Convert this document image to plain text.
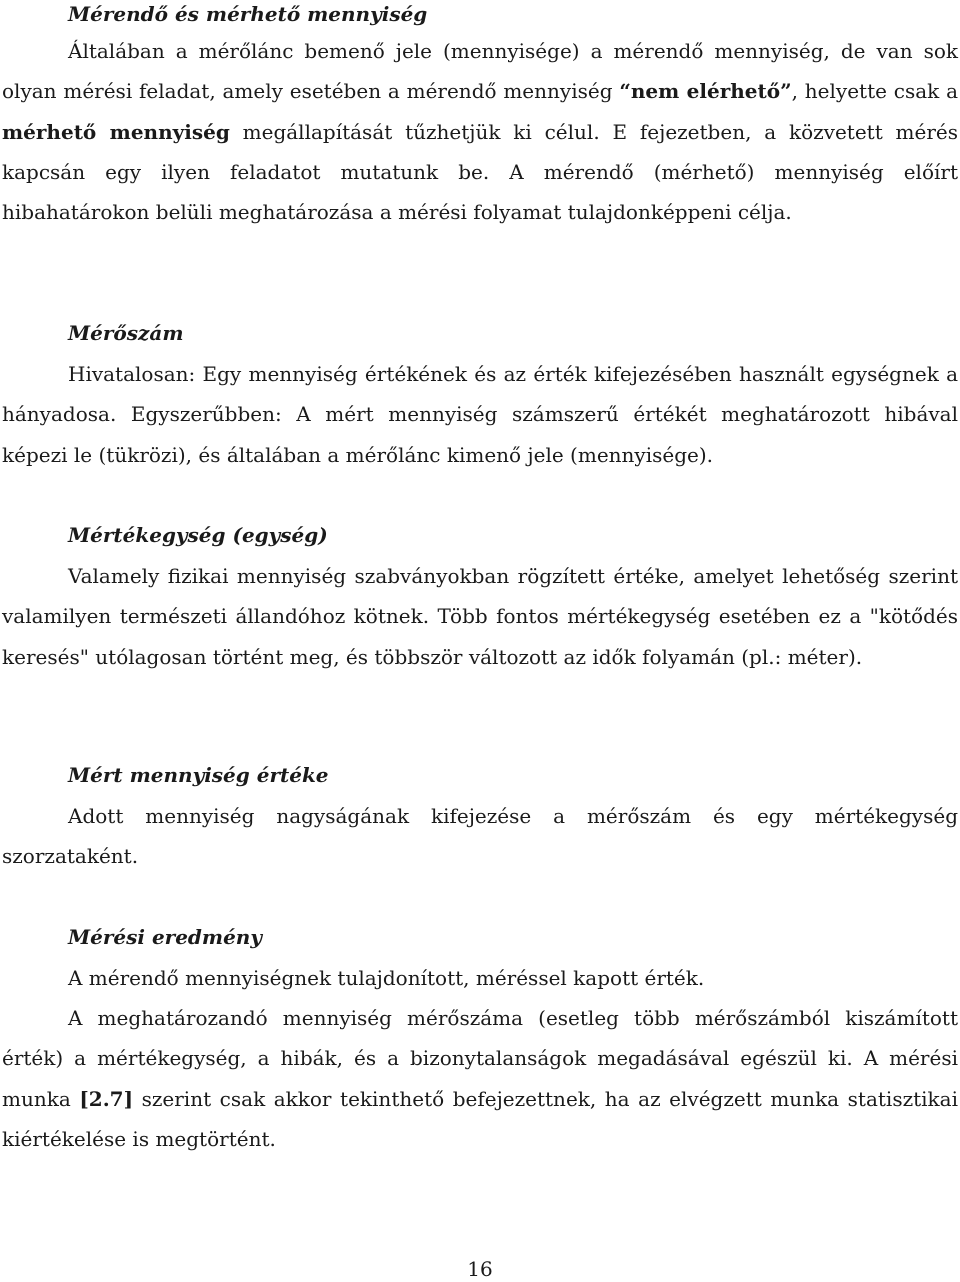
Mérendő és mérhető mennyiség

Általában a mérőlánc bemenő jele (mennyisége) a mérendő mennyiség, de van sok olyan mérési feladat, amely esetében a mérendő mennyiség “nem elérhető”, helyette csak a mérhető mennyiség megállapítását tűzhetjük ki célul. E fejezetben, a közvetett mérés kapcsán egy ilyen feladatot mutatunk be. A mérendő (mérhető) mennyiség előírt hibahatárokon belüli meghatározása a mérési folyamat tulajdonképpeni célja.

Mérőszám

Hivatalosan: Egy mennyiség értékének és az érték kifejezésében használt egységnek a hányadosa. Egyszerűbben: A mért mennyiség számszerű értékét meghatározott hibával képezi le (tükrözi), és általában a mérőlánc kimenő jele (mennyisége).

Mértékegység (egység)

Valamely fizikai mennyiség szabványokban rögzített értéke, amelyet lehetőség szerint valamilyen természeti állandóhoz kötnek. Több fontos mértékegység esetében ez a "kötődés keresés" utólagosan történt meg, és többször változott az idők folyamán (pl.: méter).

Mért mennyiség értéke

Adott mennyiség nagyságának kifejezése a mérőszám és egy mértékegység szorzataként.

Mérési eredmény

A mérendő mennyiségnek tulajdonított, méréssel kapott érték.

A meghatározandó mennyiség mérőszáma (esetleg több mérőszámból kiszámított érték) a mértékegység, a hibák, és a bizonytalanságok megadásával egészül ki. A mérési munka [2.7] szerint csak akkor tekinthető befejezettnek, ha az elvégzett munka statisztikai kiértékelése is megtörtént.

16
